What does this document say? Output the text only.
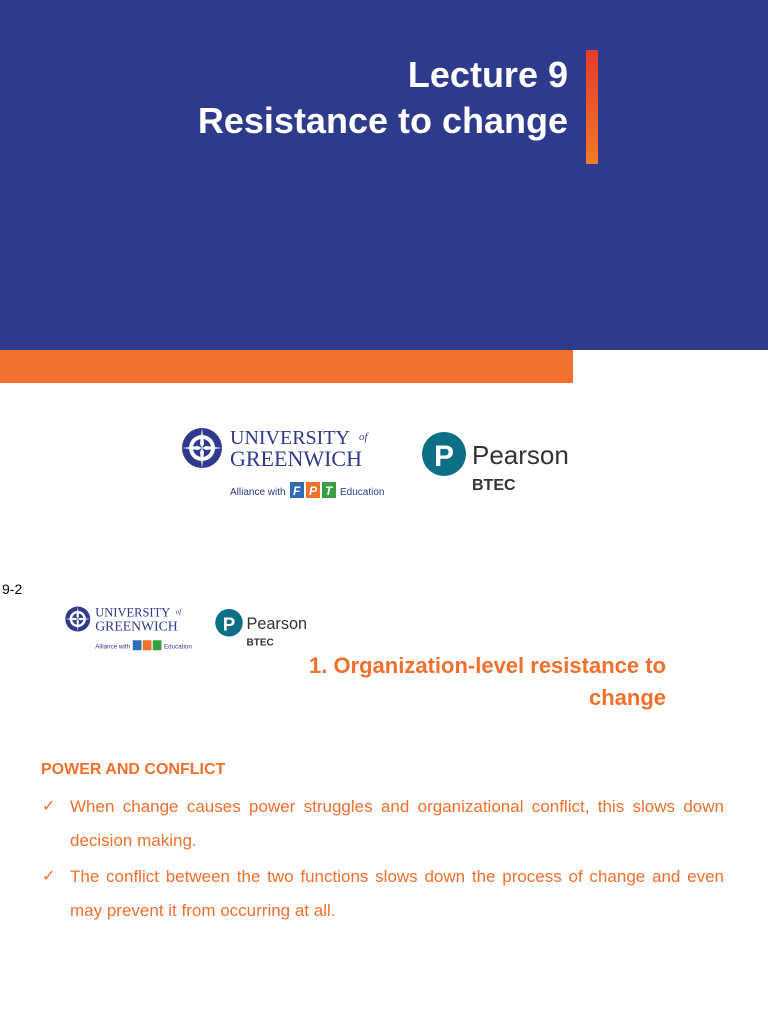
Lecture 9
Resistance to change
UNIVERSITY of
GREENWICH
Alliance with F P T Education
P Pearson
BTEC
9-2
UNIVERSITY of
GREENWICH
Alliance with	Education
P Pearson
BTEC
1. Organization-level resistance to
change
POWER AND CONFLICT
✓ When change causes power struggles and organizational conflict, this slows down decision making.
✓ The conflict between the two functions slows down the process of change and even may prevent it from occurring at all.
